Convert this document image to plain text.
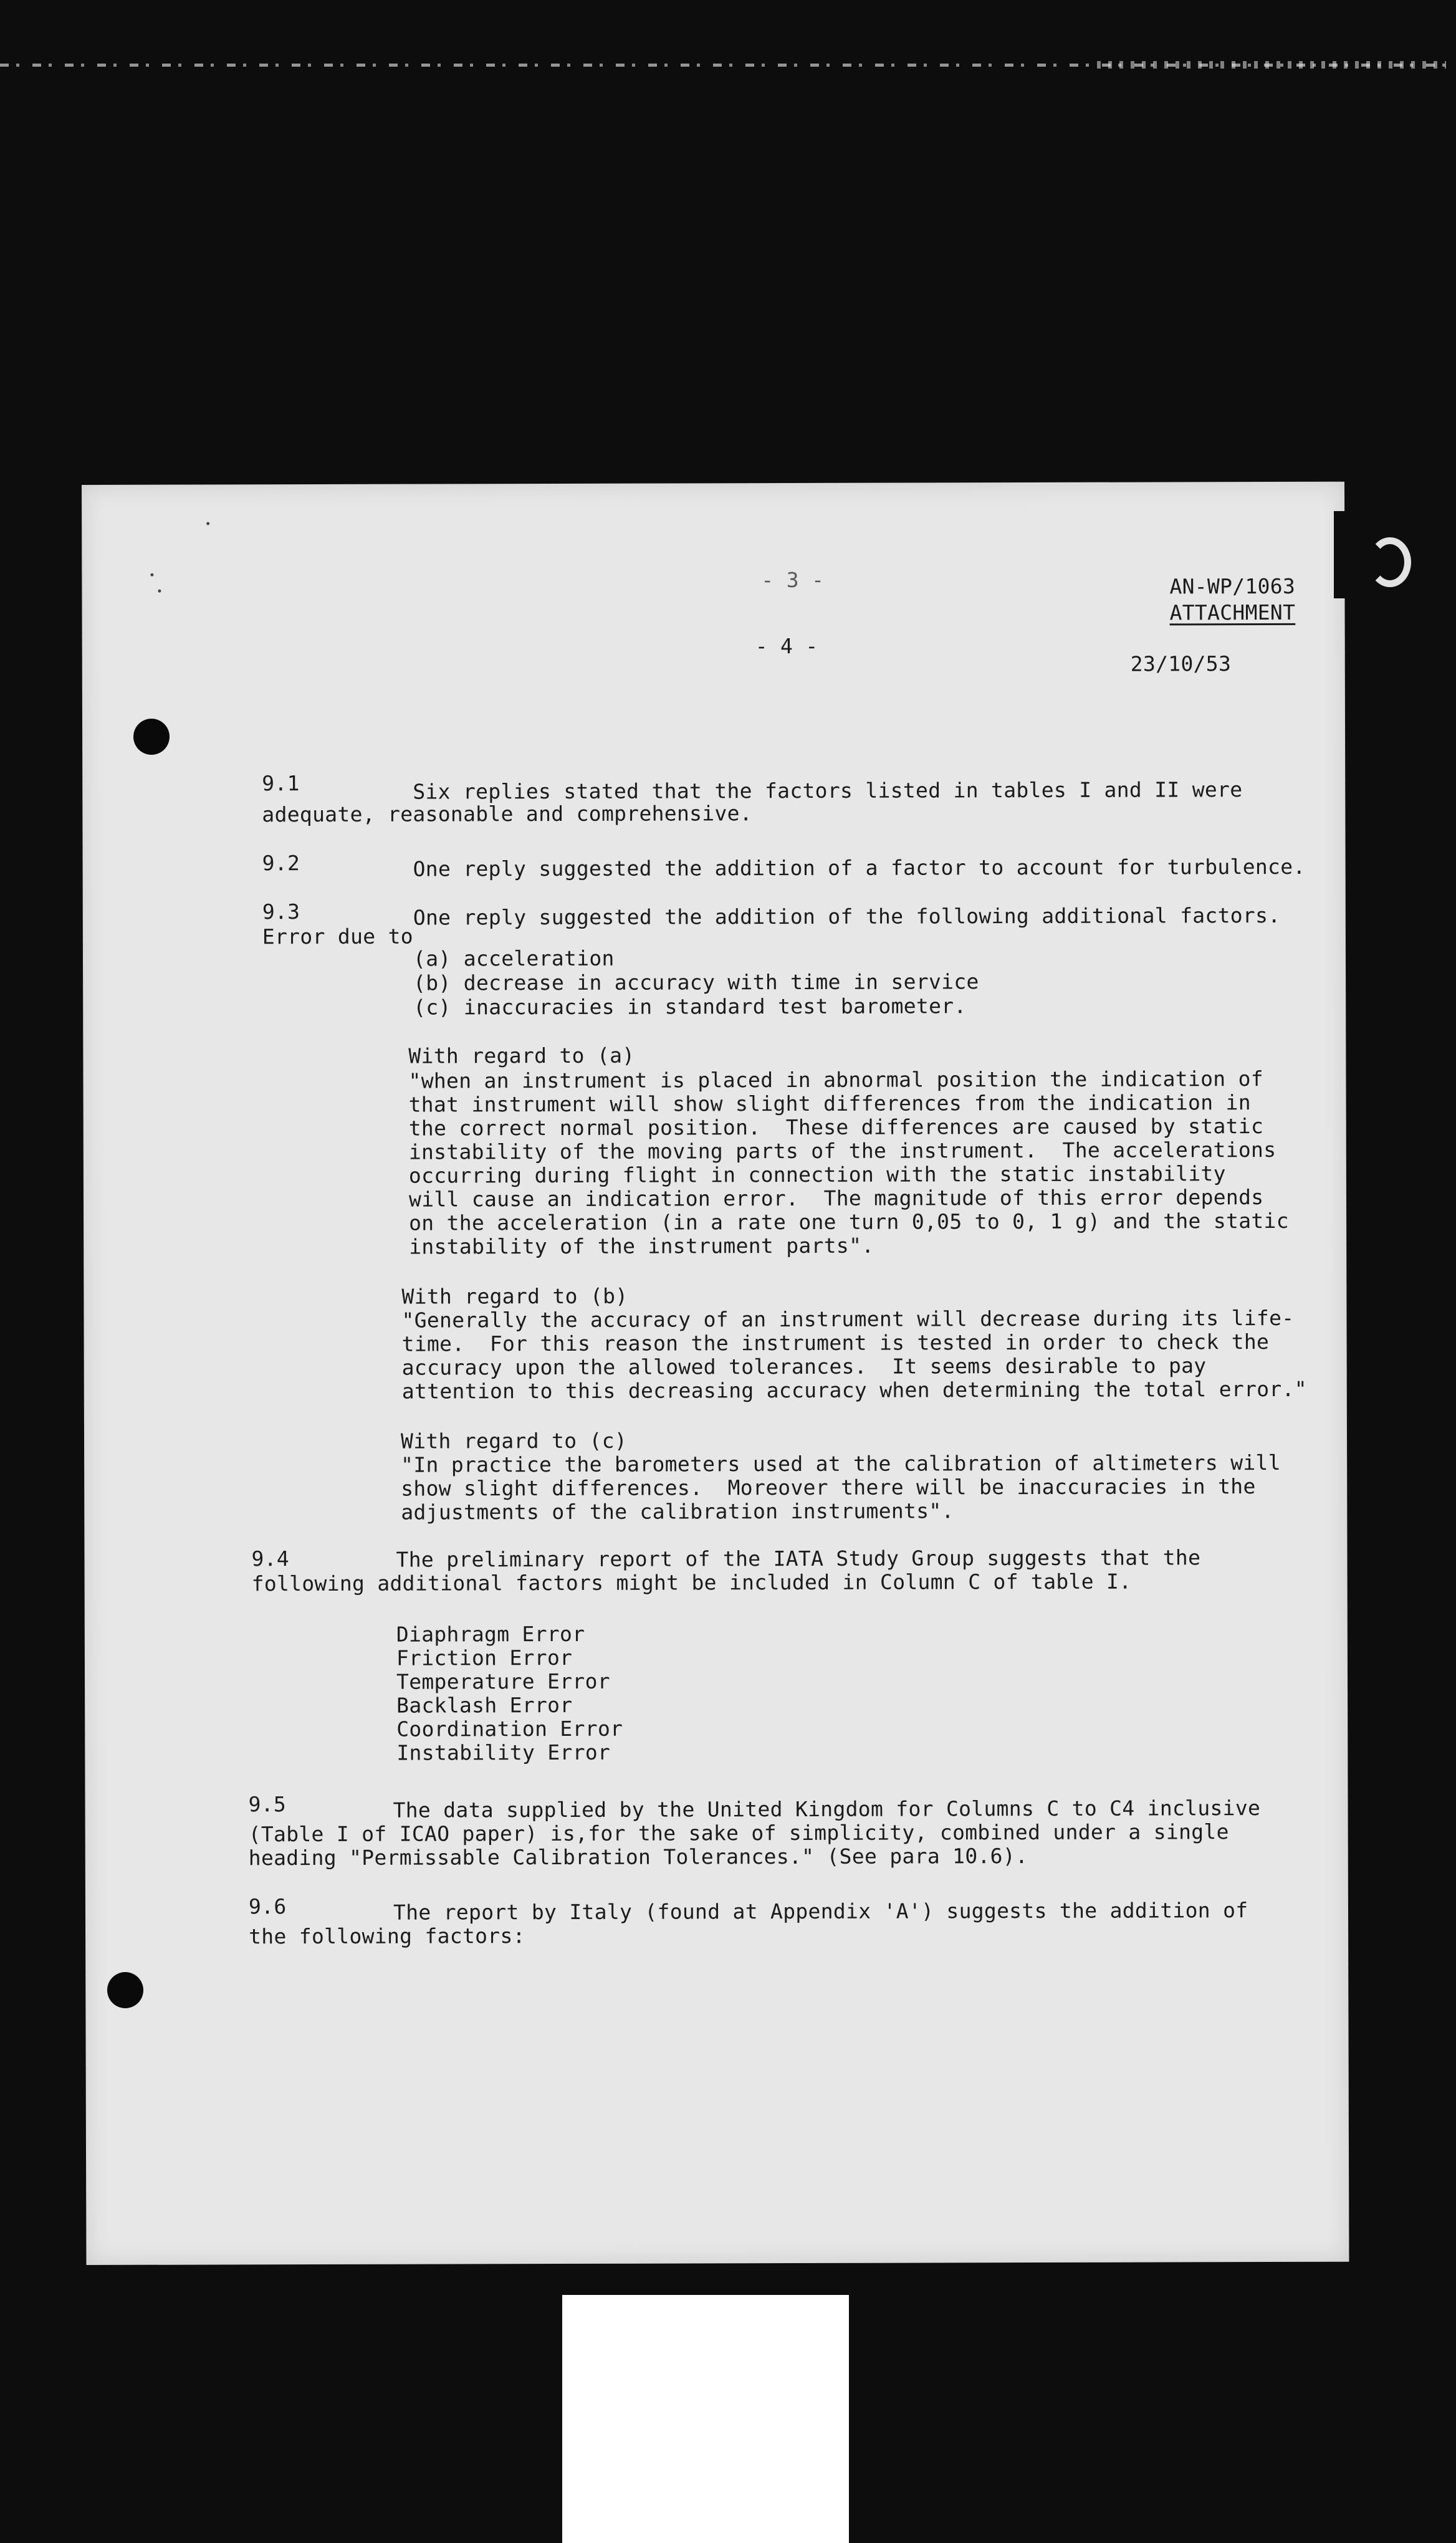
- 3 -

- 4 -

AN-WP/1063

ATTACHMENT

23/10/53

9.1	Six replies stated that the factors listed in tables I and II were

adequate, reasonable and comprehensive.

9.2	One reply suggested the addition of a factor to account for turbulence.

9.3	One reply suggested the addition of the following additional factors.

Error due to

(a) acceleration

(b) decrease in accuracy with time in service

(c) inaccuracies in standard test barometer.

With regard to (a)

"when an instrument is placed in abnormal position the indication of

that instrument will show slight differences from the indication in

the correct normal position.  These differences are caused by static

instability of the moving parts of the instrument.  The accelerations

occurring during flight in connection with the static instability

will cause an indication error.  The magnitude of this error depends

on the acceleration (in a rate one turn 0,05 to 0, 1 g) and the static

instability of the instrument parts".

With regard to (b)

"Generally the accuracy of an instrument will decrease during its life-

time.  For this reason the instrument is tested in order to check the

accuracy upon the allowed tolerances.  It seems desirable to pay

attention to this decreasing accuracy when determining the total error."

With regard to (c)

"In practice the barometers used at the calibration of altimeters will

show slight differences.  Moreover there will be inaccuracies in the

adjustments of the calibration instruments".

9.4	The preliminary report of the IATA Study Group suggests that the

following additional factors might be included in Column C of table I.

Diaphragm Error

Friction Error

Temperature Error

Backlash Error

Coordination Error

Instability Error

9.5	The data supplied by the United Kingdom for Columns C to C4 inclusive

(Table I of ICAO paper) is,for the sake of simplicity, combined under a single

heading "Permissable Calibration Tolerances." (See para 10.6).

9.6	The report by Italy (found at Appendix 'A') suggests the addition of

the following factors:
